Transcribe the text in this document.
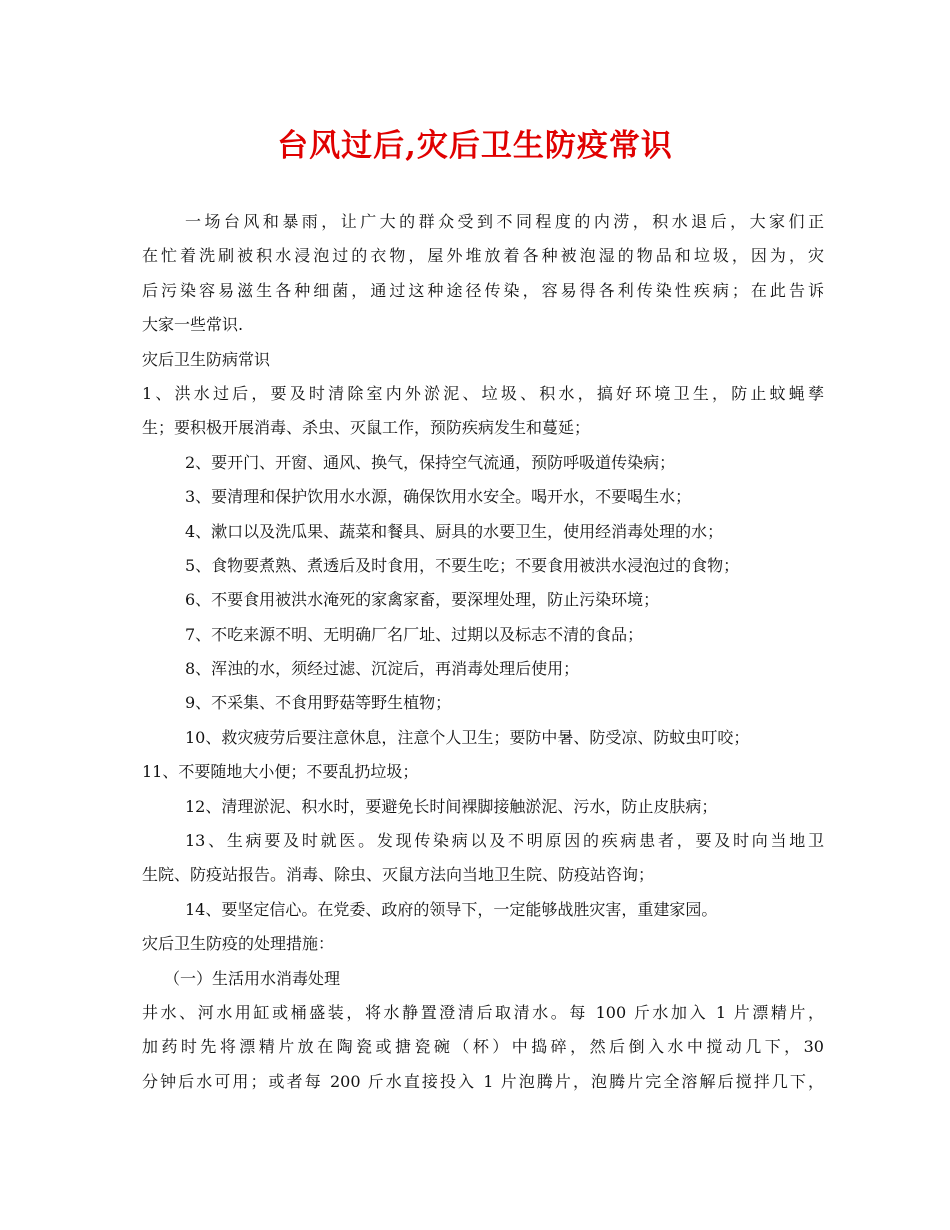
台风过后,灾后卫生防疫常识
一场台风和暴雨，让广大的群众受到不同程度的内涝，积水退后，大家们正
在忙着洗刷被积水浸泡过的衣物，屋外堆放着各种被泡湿的物品和垃圾，因为，灾
后污染容易滋生各种细菌，通过这种途径传染，容易得各利传染性疾病；在此告诉
大家一些常识.
灾后卫生防病常识
1、洪水过后，要及时清除室内外淤泥、垃圾、积水，搞好环境卫生，防止蚊蝇孳
生；要积极开展消毒、杀虫、灭鼠工作，预防疾病发生和蔓延；
2、要开门、开窗、通风、换气，保持空气流通，预防呼吸道传染病；
3、要清理和保护饮用水水源，确保饮用水安全。喝开水，不要喝生水；
4、漱口以及洗瓜果、蔬菜和餐具、厨具的水要卫生，使用经消毒处理的水；
5、食物要煮熟、煮透后及时食用，不要生吃；不要食用被洪水浸泡过的食物；
6、不要食用被洪水淹死的家禽家畜，要深埋处理，防止污染环境；
7、不吃来源不明、无明确厂名厂址、过期以及标志不清的食品；
8、浑浊的水，须经过滤、沉淀后，再消毒处理后使用；
9、不采集、不食用野菇等野生植物；
10、救灾疲劳后要注意休息，注意个人卫生；要防中暑、防受凉、防蚊虫叮咬；
11、不要随地大小便；不要乱扔垃圾；
12、清理淤泥、积水时，要避免长时间裸脚接触淤泥、污水，防止皮肤病；
13、生病要及时就医。发现传染病以及不明原因的疾病患者，要及时向当地卫
生院、防疫站报告。消毒、除虫、灭鼠方法向当地卫生院、防疫站咨询；
14、要坚定信心。在党委、政府的领导下，一定能够战胜灾害，重建家园。
灾后卫生防疫的处理措施：
（一）生活用水消毒处理
井水、河水用缸或桶盛装，将水静置澄清后取清水。每 100 斤水加入 1 片漂精片，
加药时先将漂精片放在陶瓷或搪瓷碗（杯）中捣碎，然后倒入水中搅动几下，30
分钟后水可用；或者每 200 斤水直接投入 1 片泡腾片，泡腾片完全溶解后搅拌几下，
